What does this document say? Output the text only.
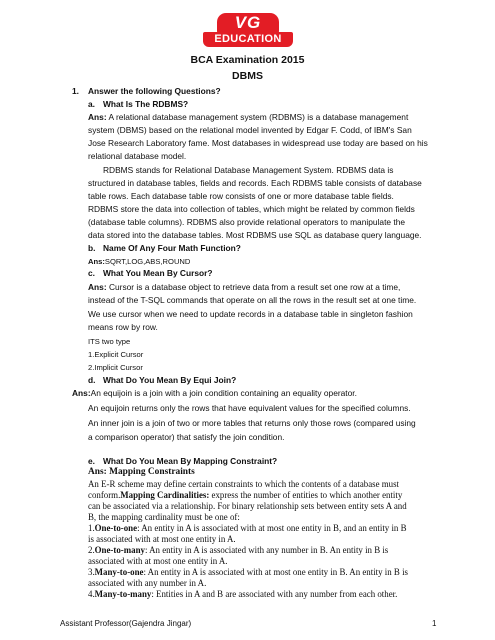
VG
EDUCATION
BCA Examination 2015
DBMS
1. Answer the following Questions?
a. What Is The RDBMS?
Ans: A relational database management system (RDBMS) is a database management
system (DBMS) based on the relational model invented by Edgar F. Codd, of IBM's San
Jose Research Laboratory fame. Most databases in widespread use today are based on his
relational database model.
RDBMS stands for Relational Database Management System. RDBMS data is
structured in database tables, fields and records. Each RDBMS table consists of database
table rows. Each database table row consists of one or more database table fields.
RDBMS store the data into collection of tables, which might be related by common fields
(database table columns). RDBMS also provide relational operators to manipulate the
data stored into the database tables. Most RDBMS use SQL as database query language.
b. Name Of Any Four Math Function?
Ans:SQRT,LOG,ABS,ROUND
c. What You Mean By Cursor?
Ans: Cursor is a database object to retrieve data from a result set one row at a time,
instead of the T-SQL commands that operate on all the rows in the result set at one time.
We use cursor when we need to update records in a database table in singleton fashion
means row by row.
ITS two type
1.Explicit Cursor
2.Implicit Cursor
d. What Do You Mean By Equi Join?
Ans:An equijoin is a join with a join condition containing an equality operator.
An equijoin returns only the rows that have equivalent values for the specified columns.
An inner join is a join of two or more tables that returns only those rows (compared using
a comparison operator) that satisfy the join condition.
e. What Do You Mean By Mapping Constraint?
Ans: Mapping Constraints
An E-R scheme may define certain constraints to which the contents of a database must
conform.Mapping Cardinalities: express the number of entities to which another entity
can be associated via a relationship. For binary relationship sets between entity sets A and
B, the mapping cardinality must be one of:
1.One-to-one: An entity in A is associated with at most one entity in B, and an entity in B
is associated with at most one entity in A.
2.One-to-many: An entity in A is associated with any number in B. An entity in B is
associated with at most one entity in A.
3.Many-to-one: An entity in A is associated with at most one entity in B. An entity in B is
associated with any number in A.
4.Many-to-many: Entities in A and B are associated with any number from each other.
Assistant Professor(Gajendra Jingar)	1
